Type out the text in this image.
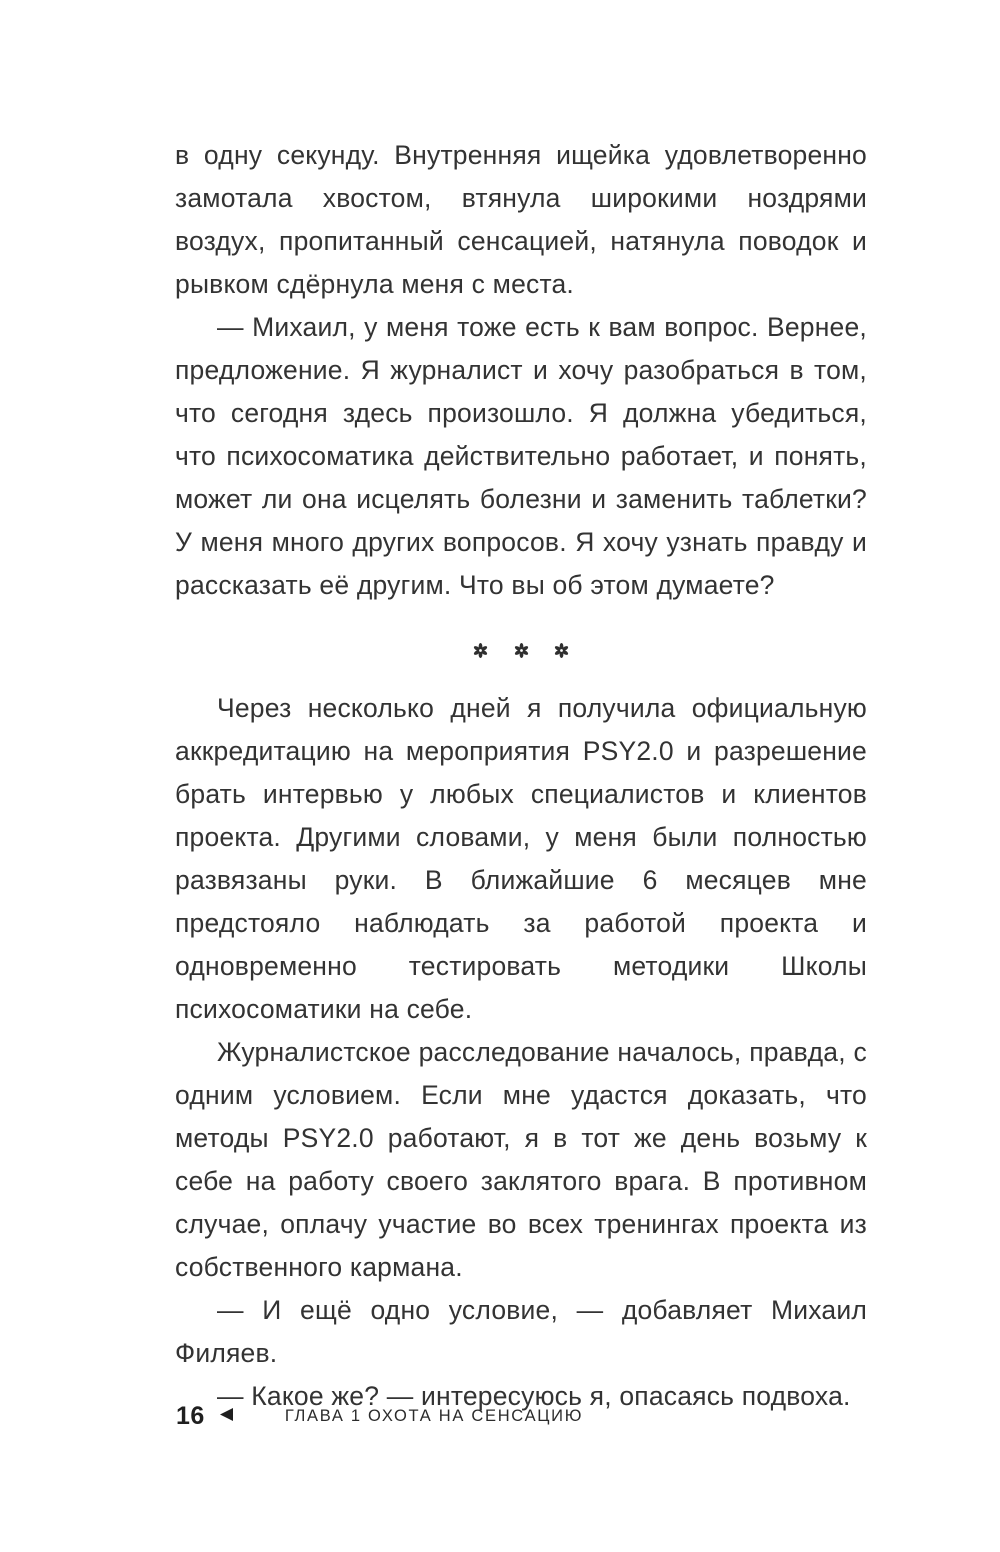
в одну секунду. Внутренняя ищейка удовлетворенно замотала хвостом, втянула широкими ноздрями воздух, пропитанный сенсацией, натянула поводок и рывком сдёрнула меня с места.

— Михаил, у меня тоже есть к вам вопрос. Вернее, предложение. Я журналист и хочу разобраться в том, что сегодня здесь произошло. Я должна убедиться, что психосоматика действительно работает, и понять, может ли она исцелять болезни и заменить таблетки? У меня много других вопросов. Я хочу узнать правду и рассказать её другим. Что вы об этом думаете?

Через несколько дней я получила официальную аккредитацию на мероприятия PSY2.0 и разрешение брать интервью у любых специалистов и клиентов проекта. Другими словами, у меня были полностью развязаны руки. В ближайшие 6 месяцев мне предстояло наблюдать за работой проекта и одновременно тестировать методики Школы психосоматики на себе.

Журналистское расследование началось, правда, с одним условием. Если мне удастся доказать, что методы PSY2.0 работают, я в тот же день возьму к себе на работу своего заклятого врага. В противном случае, оплачу участие во всех тренингах проекта из собственного кармана.

— И ещё одно условие, — добавляет Михаил Филяев.

— Какое же? — интересуюсь я, опасаясь подвоха.

16	ГЛАВА 1 ОХОТА НА СЕНСАЦИЮ
